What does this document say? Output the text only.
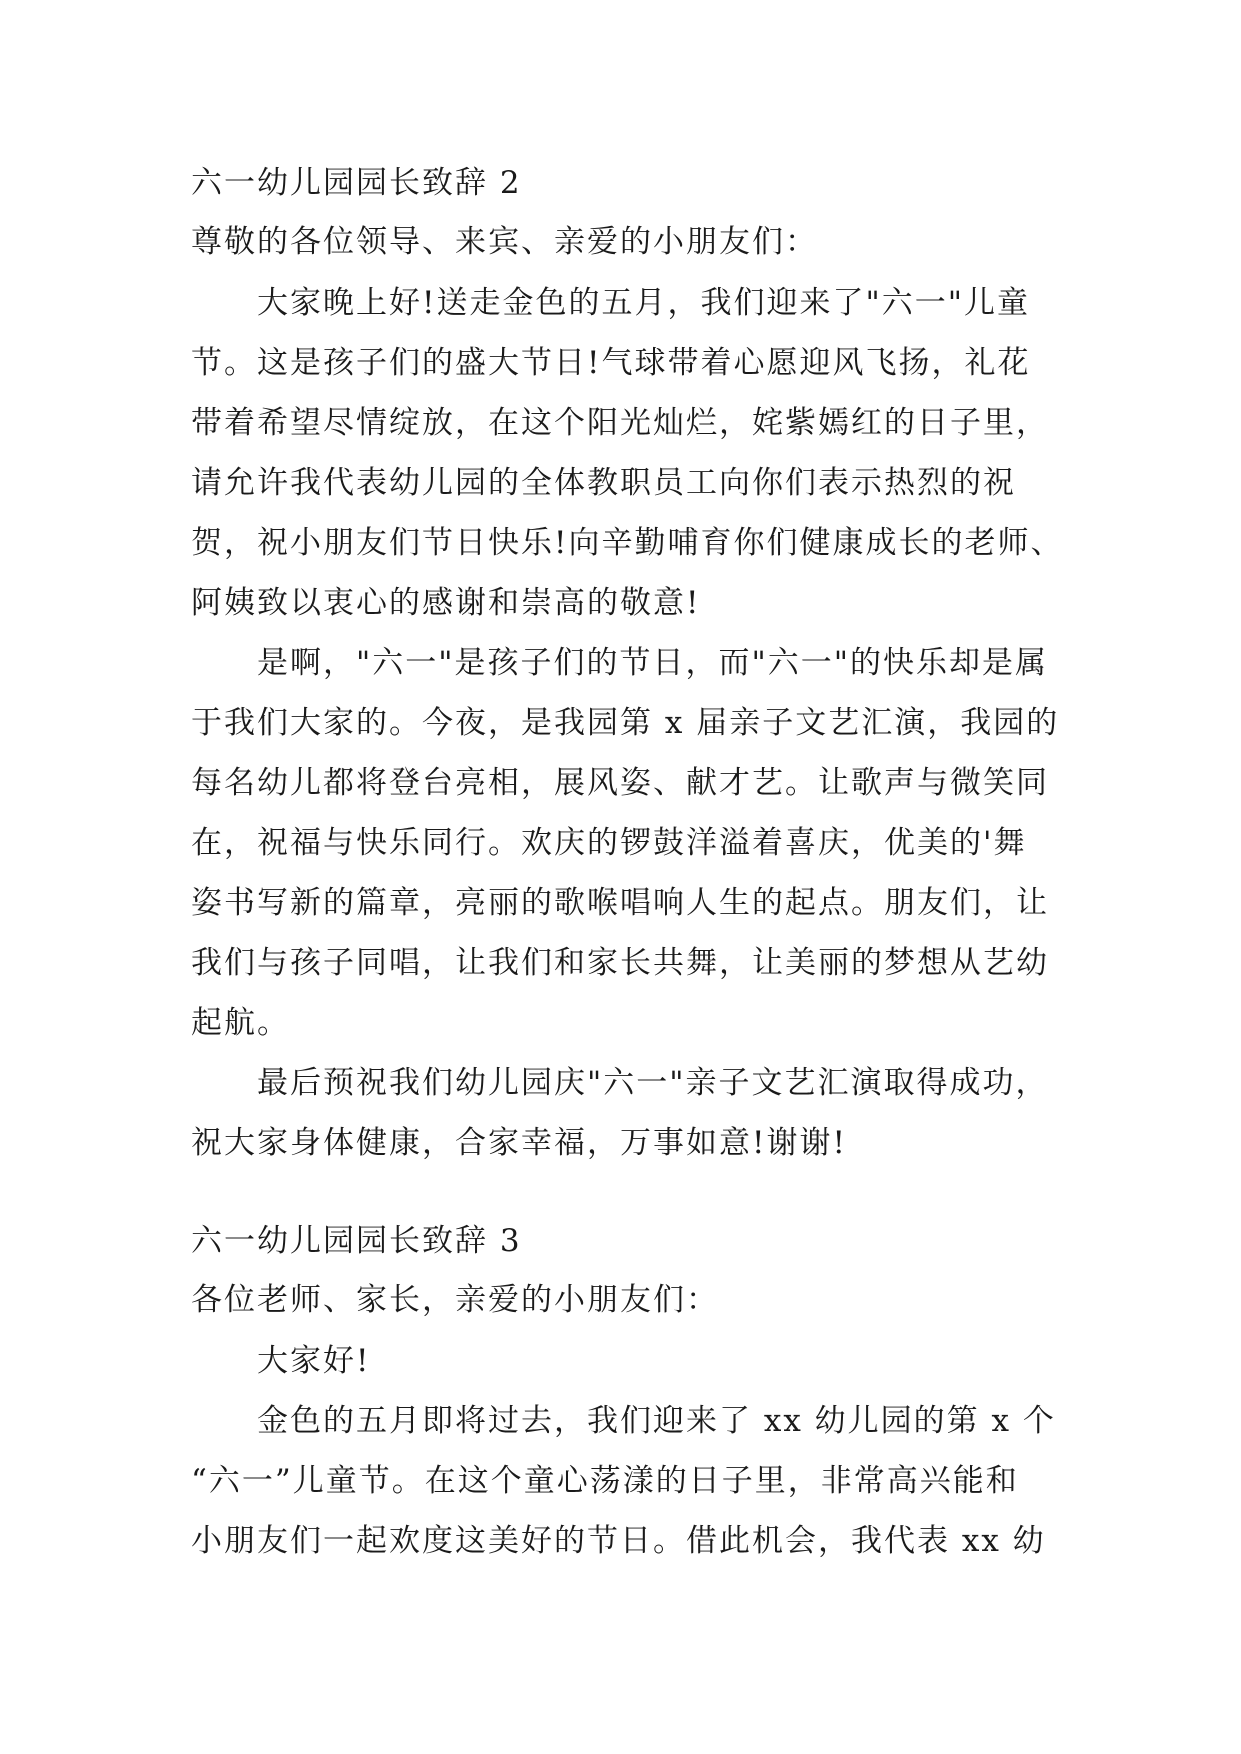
六一幼儿园园长致辞 2
尊敬的各位领导、来宾、亲爱的小朋友们：
大家晚上好!送走金色的五月，我们迎来了"六一"儿童
节。这是孩子们的盛大节日!气球带着心愿迎风飞扬，礼花
带着希望尽情绽放，在这个阳光灿烂，姹紫嫣红的日子里，
请允许我代表幼儿园的全体教职员工向你们表示热烈的祝
贺，祝小朋友们节日快乐!向辛勤哺育你们健康成长的老师、
阿姨致以衷心的感谢和崇高的敬意!
是啊，"六一"是孩子们的节日，而"六一"的快乐却是属
于我们大家的。今夜，是我园第 x 届亲子文艺汇演，我园的
每名幼儿都将登台亮相，展风姿、献才艺。让歌声与微笑同
在，祝福与快乐同行。欢庆的锣鼓洋溢着喜庆，优美的'舞
姿书写新的篇章，亮丽的歌喉唱响人生的起点。朋友们，让
我们与孩子同唱，让我们和家长共舞，让美丽的梦想从艺幼
起航。
最后预祝我们幼儿园庆"六一"亲子文艺汇演取得成功，
祝大家身体健康，合家幸福，万事如意!谢谢!
六一幼儿园园长致辞 3
各位老师、家长，亲爱的小朋友们：
大家好!
金色的五月即将过去，我们迎来了 xx 幼儿园的第 x 个
“六一”儿童节。在这个童心荡漾的日子里，非常高兴能和
小朋友们一起欢度这美好的节日。借此机会，我代表 xx 幼
